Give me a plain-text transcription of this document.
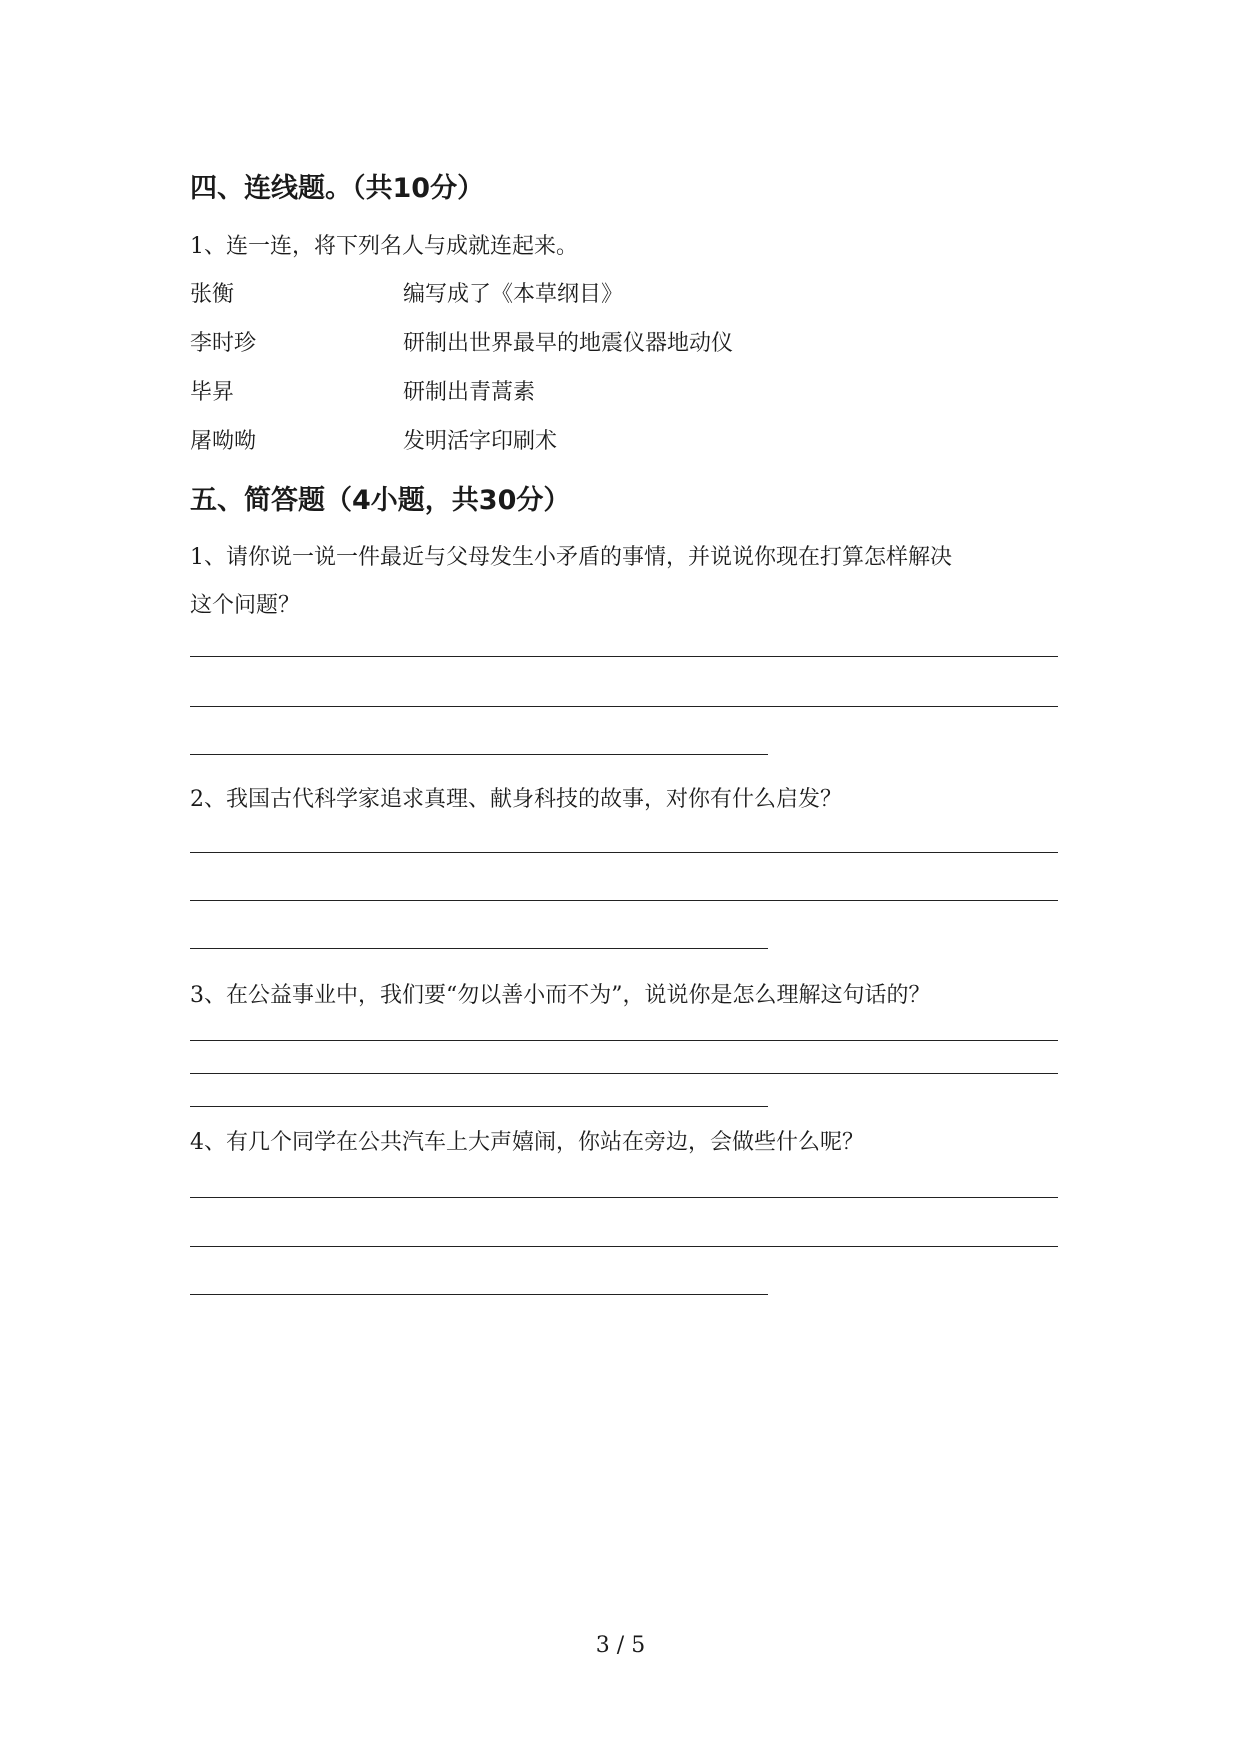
四、连线题。（共10分）
1、连一连，将下列名人与成就连起来。
张衡	编写成了《本草纲目》
李时珍	研制出世界最早的地震仪器地动仪
毕昇	研制出青蒿素
屠呦呦	发明活字印刷术
五、简答题（4小题，共30分）
1、请你说一说一件最近与父母发生小矛盾的事情，并说说你现在打算怎样解决
这个问题？
2、我国古代科学家追求真理、献身科技的故事，对你有什么启发？
3、在公益事业中，我们要“勿以善小而不为”，说说你是怎么理解这句话的？
4、有几个同学在公共汽车上大声嬉闹，你站在旁边，会做些什么呢？
3 / 5
